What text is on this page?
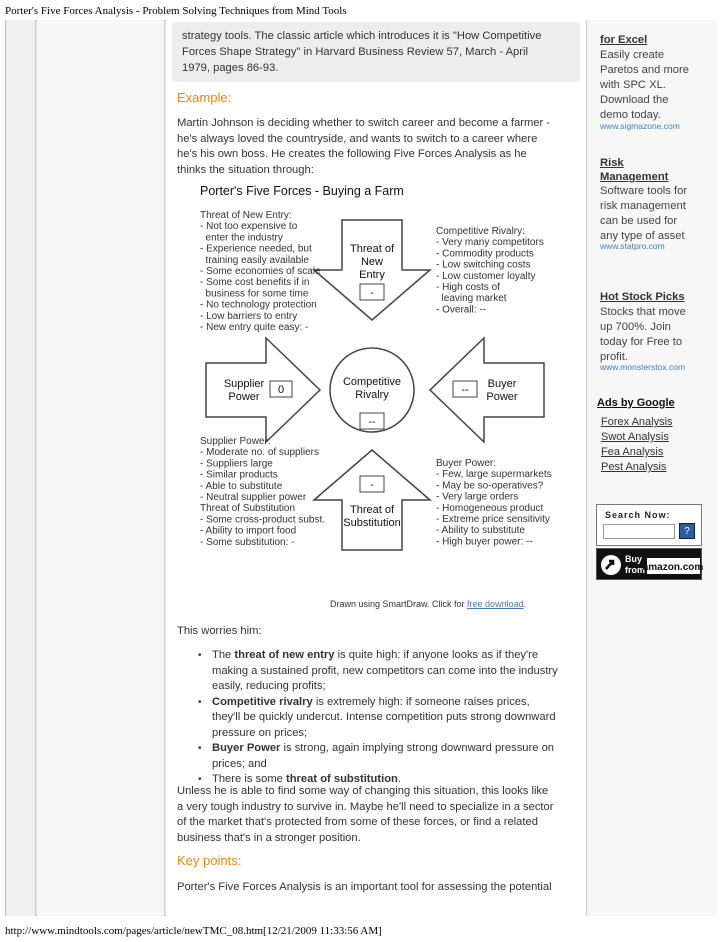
Porter's Five Forces Analysis - Problem Solving Techniques from Mind Tools
strategy tools. The classic article which introduces it is "How Competitive
Forces Shape Strategy" in Harvard Business Review 57, March - April
1979, pages 86-93.
Example:
Martin Johnson is deciding whether to switch career and become a farmer -
he's always loved the countryside, and wants to switch to a career where
he's his own boss. He creates the following Five Forces Analysis as he
thinks the situation through:
Porter's Five Forces - Buying a Farm
Threat of
New
Entry
-
Competitive
Rivalry
--
Supplier
Power
0	Buyer
Power
--
-
Threat of
Substitution
Threat of New Entry:
- Not too expensive to
enter the industry
- Experience needed, but
training easily available
- Some economies of scale
- Some cost benefits if in
business for some time
- No technology protection
- Low barriers to entry
- New entry quite easy: -
Competitive Rivalry:
- Very many competitors
- Commodity products
- Low switching costs
- Low customer loyalty
- High costs of
leaving market
- Overall: --
Supplier Power:
- Moderate no. of suppliers
- Suppliers large
- Similar products
- Able to substitute
- Neutral supplier power
Threat of Substitution
- Some cross-product subst.
- Ability to import food
- Some substitution: -
Buyer Power:
- Few, large supermarkets
- May be so-operatives?
- Very large orders
- Homogeneous product
- Extreme price sensitivity
- Ability to substitute
- High buyer power: --
Drawn using SmartDraw. Click for free download.
This worries him:
• The threat of new entry is quite high: if anyone looks as if they're
making a sustained profit, new competitors can come into the industry
easily, reducing profits;
• Competitive rivalry is extremely high: if someone raises prices,
they'll be quickly undercut. Intense competition puts strong downward
pressure on prices;
• Buyer Power is strong, again implying strong downward pressure on
prices; and
• There is some threat of substitution.
Unless he is able to find some way of changing this situation, this looks like
a very tough industry to survive in. Maybe he'll need to specialize in a sector
of the market that's protected from some of these forces, or find a related
business that's in a stronger position.
Key points:
Porter's Five Forces Analysis is an important tool for assessing the potential
for Excel
Easily create
Paretos and more
with SPC XL.
Download the
demo today.
www.sigmazone.com
Risk
Management
Software tools for
risk management
can be used for
any type of asset
www.statpro.com
Hot Stock Picks
Stocks that move
up 700%. Join
today for Free to
profit.
www.monsterstox.com
Ads by Google
Forex Analysis
Swot Analysis
Fea Analysis
Pest Analysis
Search Now:
?
Buy
from
amazon.com
http://www.mindtools.com/pages/article/newTMC_08.htm[12/21/2009 11:33:56 AM]
